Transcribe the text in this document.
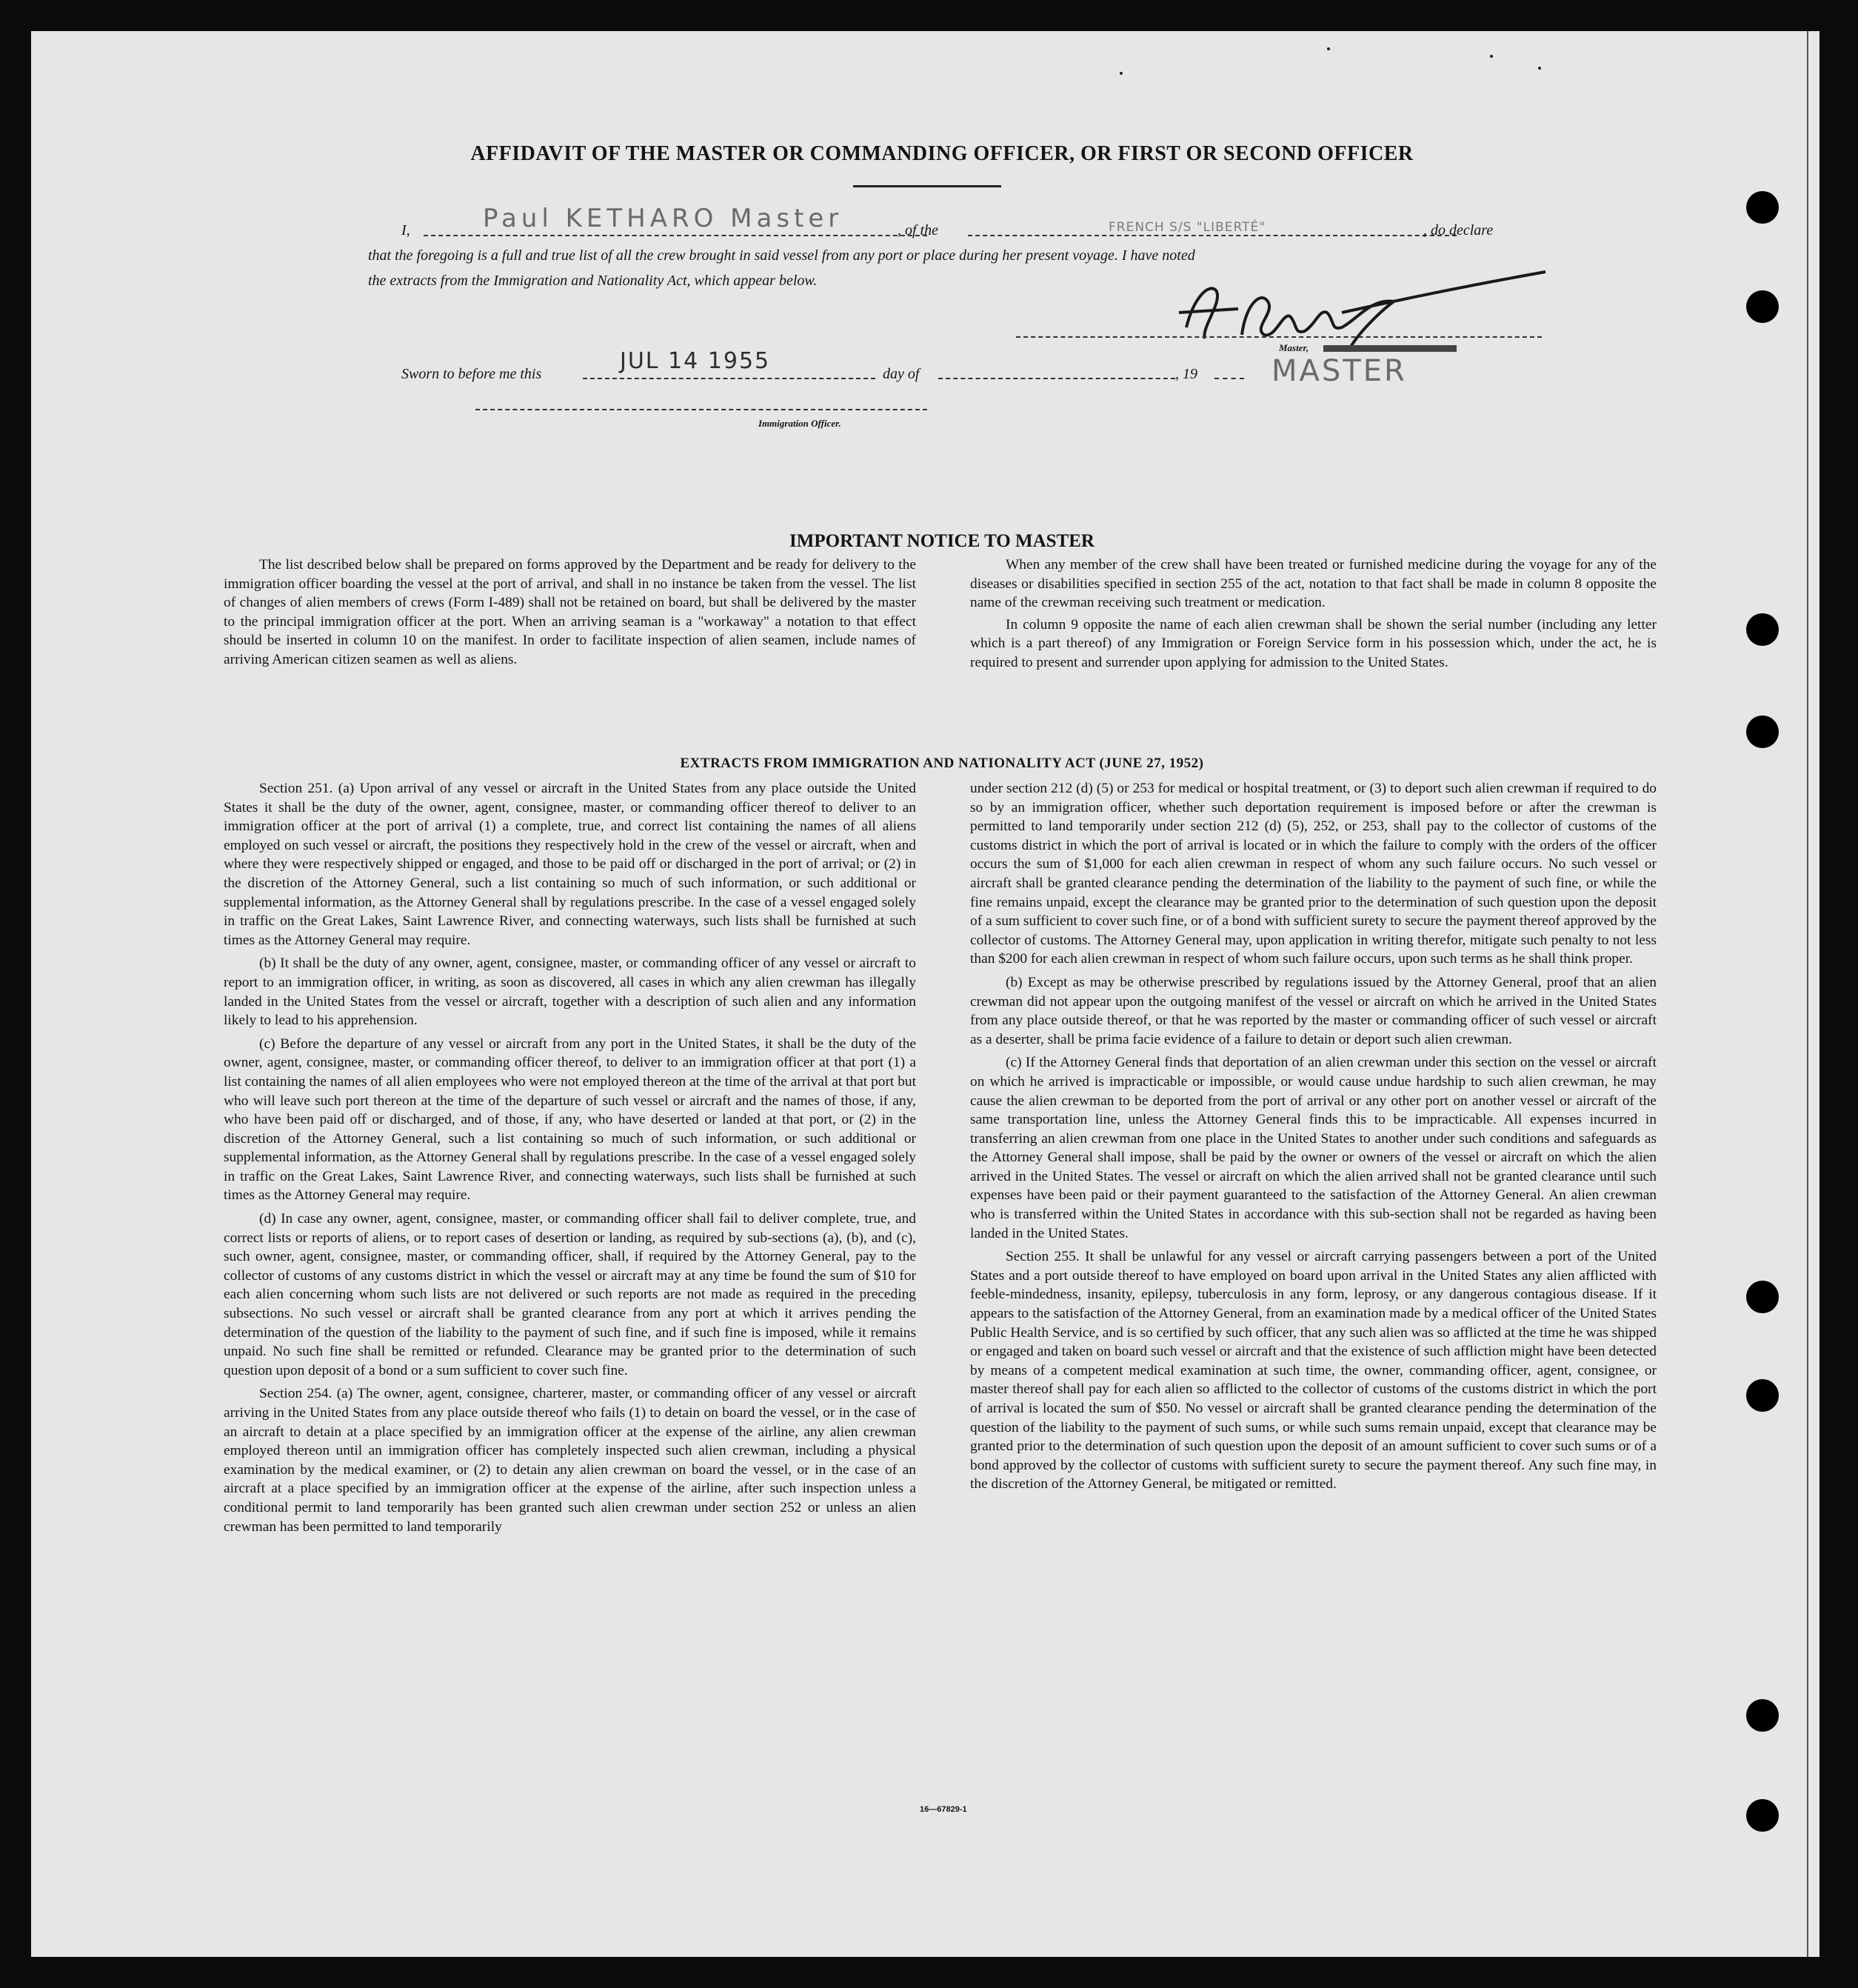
AFFIDAVIT OF THE MASTER OR COMMANDING OFFICER, OR FIRST OR SECOND OFFICER
I,	Paul KETHARO Master	, of the	FRENCH S/S "LIBERTÉ"	, do declare
that the foregoing is a full and true list of all the crew brought in said vessel from any port or place during her present voyage. I have noted
the extracts from the Immigration and Nationality Act, which appear below.
Master,
Sworn to before me this	JUL 14 1955	day of	, 19	MASTER
Immigration Officer.
IMPORTANT NOTICE TO MASTER

The list described below shall be prepared on forms approved by the Department and be ready for delivery to the immigration officer boarding the vessel at the port of arrival, and shall in no instance be taken from the vessel. The list of changes of alien members of crews (Form I-489) shall not be retained on board, but shall be delivered by the master to the principal immigration officer at the port. When an arriving seaman is a "workaway" a notation to that effect should be inserted in column 10 on the manifest. In order to facilitate inspection of alien seamen, include names of arriving American citizen seamen as well as aliens.

When any member of the crew shall have been treated or furnished medicine during the voyage for any of the diseases or disabilities specified in section 255 of the act, notation to that fact shall be made in column 8 opposite the name of the crewman receiving such treatment or medication.

In column 9 opposite the name of each alien crewman shall be shown the serial number (including any letter which is a part thereof) of any Immigration or Foreign Service form in his possession which, under the act, he is required to present and surrender upon applying for admission to the United States.

EXTRACTS FROM IMMIGRATION AND NATIONALITY ACT (JUNE 27, 1952)

Section 251. (a) Upon arrival of any vessel or aircraft in the United States from any place outside the United States it shall be the duty of the owner, agent, consignee, master, or commanding officer thereof to deliver to an immigration officer at the port of arrival (1) a complete, true, and correct list containing the names of all aliens employed on such vessel or aircraft, the positions they respectively hold in the crew of the vessel or aircraft, when and where they were respectively shipped or engaged, and those to be paid off or discharged in the port of arrival; or (2) in the discretion of the Attorney General, such a list containing so much of such information, or such additional or supplemental information, as the Attorney General shall by regulations prescribe. In the case of a vessel engaged solely in traffic on the Great Lakes, Saint Lawrence River, and connecting waterways, such lists shall be furnished at such times as the Attorney General may require.

(b) It shall be the duty of any owner, agent, consignee, master, or commanding officer of any vessel or aircraft to report to an immigration officer, in writing, as soon as discovered, all cases in which any alien crewman has illegally landed in the United States from the vessel or aircraft, together with a description of such alien and any information likely to lead to his apprehension.

(c) Before the departure of any vessel or aircraft from any port in the United States, it shall be the duty of the owner, agent, consignee, master, or commanding officer thereof, to deliver to an immigration officer at that port (1) a list containing the names of all alien employees who were not employed thereon at the time of the arrival at that port but who will leave such port thereon at the time of the departure of such vessel or aircraft and the names of those, if any, who have been paid off or discharged, and of those, if any, who have deserted or landed at that port, or (2) in the discretion of the Attorney General, such a list containing so much of such information, or such additional or supplemental information, as the Attorney General shall by regulations prescribe. In the case of a vessel engaged solely in traffic on the Great Lakes, Saint Lawrence River, and connecting waterways, such lists shall be furnished at such times as the Attorney General may require.

(d) In case any owner, agent, consignee, master, or commanding officer shall fail to deliver complete, true, and correct lists or reports of aliens, or to report cases of desertion or landing, as required by sub-sections (a), (b), and (c), such owner, agent, consignee, master, or commanding officer, shall, if required by the Attorney General, pay to the collector of customs of any customs district in which the vessel or aircraft may at any time be found the sum of $10 for each alien concerning whom such lists are not delivered or such reports are not made as required in the preceding subsections. No such vessel or aircraft shall be granted clearance from any port at which it arrives pending the determination of the question of the liability to the payment of such fine, and if such fine is imposed, while it remains unpaid. No such fine shall be remitted or refunded. Clearance may be granted prior to the determination of such question upon deposit of a bond or a sum sufficient to cover such fine.

Section 254. (a) The owner, agent, consignee, charterer, master, or commanding officer of any vessel or aircraft arriving in the United States from any place outside thereof who fails (1) to detain on board the vessel, or in the case of an aircraft to detain at a place specified by an immigration officer at the expense of the airline, any alien crewman employed thereon until an immigration officer has completely inspected such alien crewman, including a physical examination by the medical examiner, or (2) to detain any alien crewman on board the vessel, or in the case of an aircraft at a place specified by an immigration officer at the expense of the airline, after such inspection unless a conditional permit to land temporarily has been granted such alien crewman under section 252 or unless an alien crewman has been permitted to land temporarily

under section 212 (d) (5) or 253 for medical or hospital treatment, or (3) to deport such alien crewman if required to do so by an immigration officer, whether such deportation requirement is imposed before or after the crewman is permitted to land temporarily under section 212 (d) (5), 252, or 253, shall pay to the collector of customs of the customs district in which the port of arrival is located or in which the failure to comply with the orders of the officer occurs the sum of $1,000 for each alien crewman in respect of whom any such failure occurs. No such vessel or aircraft shall be granted clearance pending the determination of the liability to the payment of such fine, or while the fine remains unpaid, except the clearance may be granted prior to the determination of such question upon the deposit of a sum sufficient to cover such fine, or of a bond with sufficient surety to secure the payment thereof approved by the collector of customs. The Attorney General may, upon application in writing therefor, mitigate such penalty to not less than $200 for each alien crewman in respect of whom such failure occurs, upon such terms as he shall think proper.

(b) Except as may be otherwise prescribed by regulations issued by the Attorney General, proof that an alien crewman did not appear upon the outgoing manifest of the vessel or aircraft on which he arrived in the United States from any place outside thereof, or that he was reported by the master or commanding officer of such vessel or aircraft as a deserter, shall be prima facie evidence of a failure to detain or deport such alien crewman.

(c) If the Attorney General finds that deportation of an alien crewman under this section on the vessel or aircraft on which he arrived is impracticable or impossible, or would cause undue hardship to such alien crewman, he may cause the alien crewman to be deported from the port of arrival or any other port on another vessel or aircraft of the same transportation line, unless the Attorney General finds this to be impracticable. All expenses incurred in transferring an alien crewman from one place in the United States to another under such conditions and safeguards as the Attorney General shall impose, shall be paid by the owner or owners of the vessel or aircraft on which the alien arrived in the United States. The vessel or aircraft on which the alien arrived shall not be granted clearance until such expenses have been paid or their payment guaranteed to the satisfaction of the Attorney General. An alien crewman who is transferred within the United States in accordance with this sub-section shall not be regarded as having been landed in the United States.

Section 255. It shall be unlawful for any vessel or aircraft carrying passengers between a port of the United States and a port outside thereof to have employed on board upon arrival in the United States any alien afflicted with feeble-mindedness, insanity, epilepsy, tuberculosis in any form, leprosy, or any dangerous contagious disease. If it appears to the satisfaction of the Attorney General, from an examination made by a medical officer of the United States Public Health Service, and is so certified by such officer, that any such alien was so afflicted at the time he was shipped or engaged and taken on board such vessel or aircraft and that the existence of such affliction might have been detected by means of a competent medical examination at such time, the owner, commanding officer, agent, consignee, or master thereof shall pay for each alien so afflicted to the collector of customs of the customs district in which the port of arrival is located the sum of $50. No vessel or aircraft shall be granted clearance pending the determination of the question of the liability to the payment of such sums, or while such sums remain unpaid, except that clearance may be granted prior to the determination of such question upon the deposit of an amount sufficient to cover such sums or of a bond approved by the collector of customs with sufficient surety to secure the payment thereof. Any such fine may, in the discretion of the Attorney General, be mitigated or remitted.

16—67829-1
